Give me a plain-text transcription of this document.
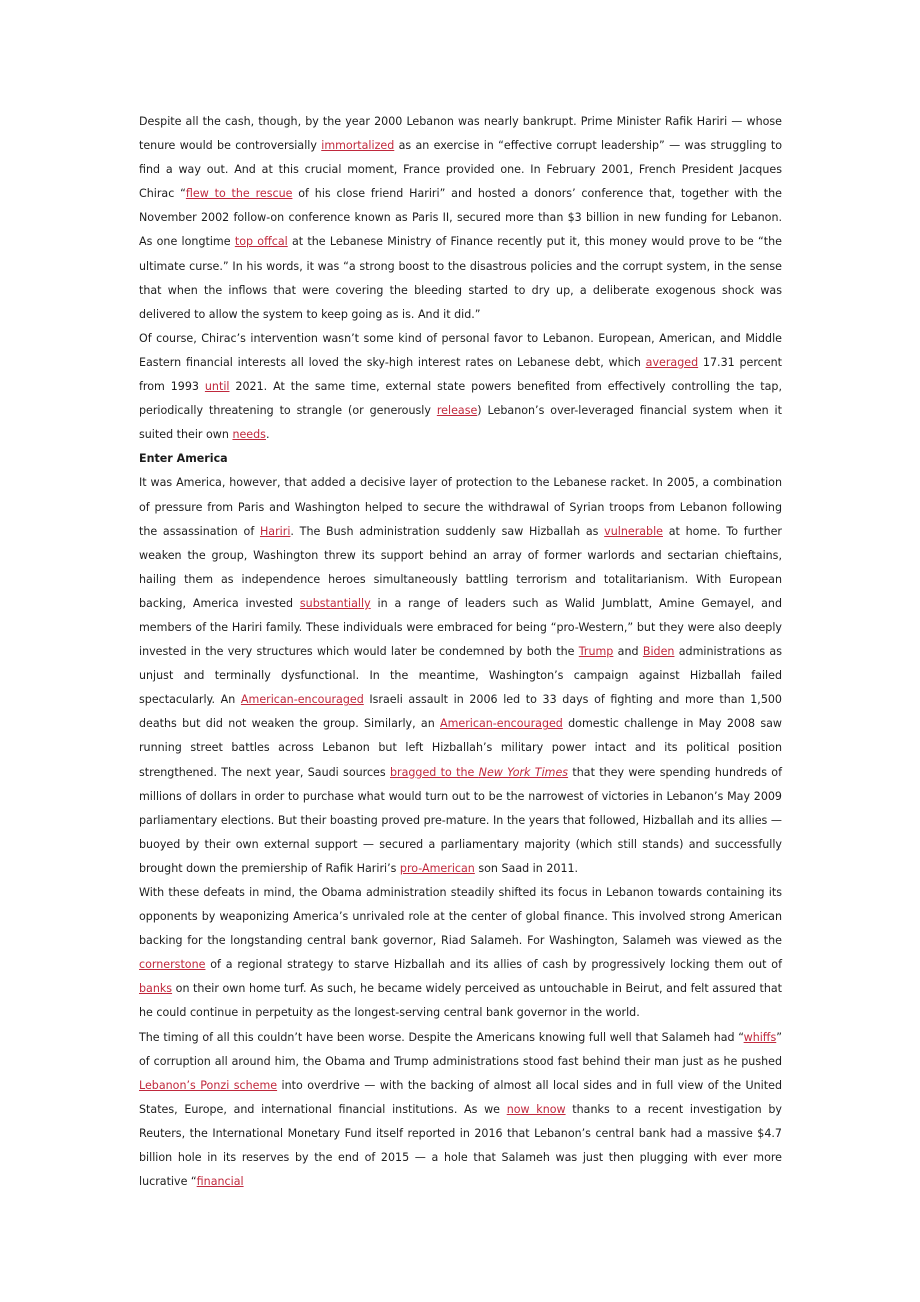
Despite all the cash, though, by the year 2000 Lebanon was nearly bankrupt. Prime Minister Rafik Hariri — whose tenure would be controversially immortalized as an exercise in “effective corrupt leadership” — was struggling to find a way out. And at this crucial moment, France provided one. In February 2001, French President Jacques Chirac “flew to the rescue of his close friend Hariri” and hosted a donors’ conference that, together with the November 2002 follow-on conference known as Paris II, secured more than $3 billion in new funding for Lebanon. As one longtime top offcal at the Lebanese Ministry of Finance recently put it, this money would prove to be “the ultimate curse.” In his words, it was “a strong boost to the disastrous policies and the corrupt system, in the sense that when the inflows that were covering the bleeding started to dry up, a deliberate exogenous shock was delivered to allow the system to keep going as is. And it did.”

Of course, Chirac’s intervention wasn’t some kind of personal favor to Lebanon. European, American, and Middle Eastern financial interests all loved the sky-high interest rates on Lebanese debt, which averaged 17.31 percent from 1993 until 2021. At the same time, external state powers benefited from effectively controlling the tap, periodically threatening to strangle (or generously release) Lebanon’s over-leveraged financial system when it suited their own needs.

Enter America

It was America, however, that added a decisive layer of protection to the Lebanese racket. In 2005, a combination of pressure from Paris and Washington helped to secure the withdrawal of Syrian troops from Lebanon following the assassination of Hariri. The Bush administration suddenly saw Hizballah as vulnerable at home. To further weaken the group, Washington threw its support behind an array of former warlords and sectarian chieftains, hailing them as independence heroes simultaneously battling terrorism and totalitarianism. With European backing, America invested substantially in a range of leaders such as Walid Jumblatt, Amine Gemayel, and members of the Hariri family. These individuals were embraced for being “pro-Western,” but they were also deeply invested in the very structures which would later be condemned by both the Trump and Biden administrations as unjust and terminally dysfunctional. In the meantime, Washington’s campaign against Hizballah failed spectacularly. An American-encouraged Israeli assault in 2006 led to 33 days of fighting and more than 1,500 deaths but did not weaken the group. Similarly, an American-encouraged domestic challenge in May 2008 saw running street battles across Lebanon but left Hizballah’s military power intact and its political position strengthened. The next year, Saudi sources bragged to the New York Times that they were spending hundreds of millions of dollars in order to purchase what would turn out to be the narrowest of victories in Lebanon’s May 2009 parliamentary elections. But their boasting proved pre-mature. In the years that followed, Hizballah and its allies — buoyed by their own external support — secured a parliamentary majority (which still stands) and successfully brought down the premiership of Rafik Hariri’s pro-American son Saad in 2011.

With these defeats in mind, the Obama administration steadily shifted its focus in Lebanon towards containing its opponents by weaponizing America’s unrivaled role at the center of global finance. This involved strong American backing for the longstanding central bank governor, Riad Salameh. For Washington, Salameh was viewed as the cornerstone of a regional strategy to starve Hizballah and its allies of cash by progressively locking them out of banks on their own home turf. As such, he became widely perceived as untouchable in Beirut, and felt assured that he could continue in perpetuity as the longest-serving central bank governor in the world.

The timing of all this couldn’t have been worse. Despite the Americans knowing full well that Salameh had “whiffs” of corruption all around him, the Obama and Trump administrations stood fast behind their man just as he pushed Lebanon’s Ponzi scheme into overdrive — with the backing of almost all local sides and in full view of the United States, Europe, and international financial institutions. As we now know thanks to a recent investigation by Reuters, the International Monetary Fund itself reported in 2016 that Lebanon’s central bank had a massive $4.7 billion hole in its reserves by the end of 2015 — a hole that Salameh was just then plugging with ever more lucrative “financial
